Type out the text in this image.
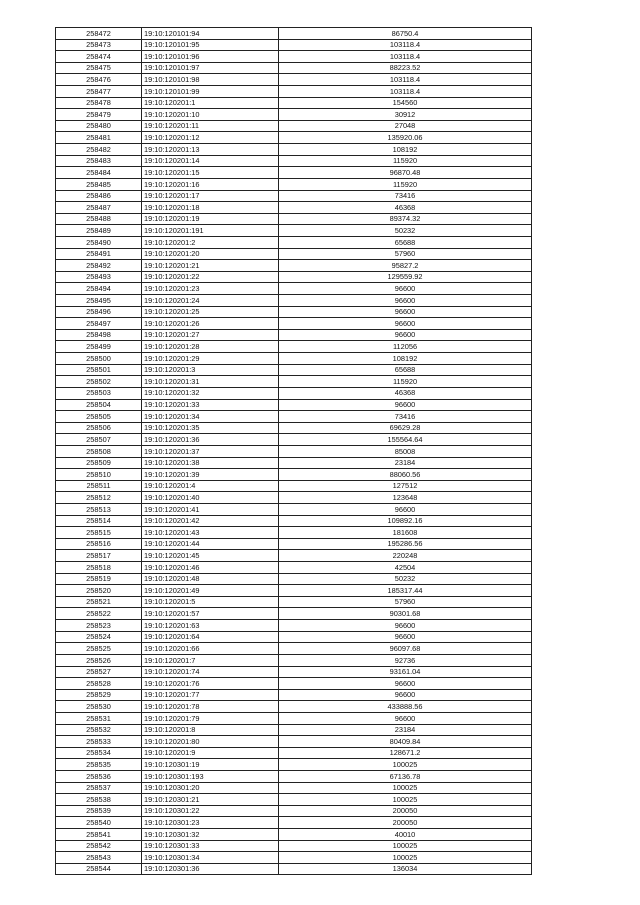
258472	19:10:120101:94	86750.4
258473	19:10:120101:95	103118.4
258474	19:10:120101:96	103118.4
258475	19:10:120101:97	88223.52
258476	19:10:120101:98	103118.4
258477	19:10:120101:99	103118.4
258478	19:10:120201:1	154560
258479	19:10:120201:10	30912
258480	19:10:120201:11	27048
258481	19:10:120201:12	135920.06
258482	19:10:120201:13	108192
258483	19:10:120201:14	115920
258484	19:10:120201:15	96870.48
258485	19:10:120201:16	115920
258486	19:10:120201:17	73416
258487	19:10:120201:18	46368
258488	19:10:120201:19	89374.32
258489	19:10:120201:191	50232
258490	19:10:120201:2	65688
258491	19:10:120201:20	57960
258492	19:10:120201:21	95827.2
258493	19:10:120201:22	129559.92
258494	19:10:120201:23	96600
258495	19:10:120201:24	96600
258496	19:10:120201:25	96600
258497	19:10:120201:26	96600
258498	19:10:120201:27	96600
258499	19:10:120201:28	112056
258500	19:10:120201:29	108192
258501	19:10:120201:3	65688
258502	19:10:120201:31	115920
258503	19:10:120201:32	46368
258504	19:10:120201:33	96600
258505	19:10:120201:34	73416
258506	19:10:120201:35	69629.28
258507	19:10:120201:36	155564.64
258508	19:10:120201:37	85008
258509	19:10:120201:38	23184
258510	19:10:120201:39	88060.56
258511	19:10:120201:4	127512
258512	19:10:120201:40	123648
258513	19:10:120201:41	96600
258514	19:10:120201:42	109892.16
258515	19:10:120201:43	181608
258516	19:10:120201:44	195286.56
258517	19:10:120201:45	220248
258518	19:10:120201:46	42504
258519	19:10:120201:48	50232
258520	19:10:120201:49	185317.44
258521	19:10:120201:5	57960
258522	19:10:120201:57	90301.68
258523	19:10:120201:63	96600
258524	19:10:120201:64	96600
258525	19:10:120201:66	96097.68
258526	19:10:120201:7	92736
258527	19:10:120201:74	93161.04
258528	19:10:120201:76	96600
258529	19:10:120201:77	96600
258530	19:10:120201:78	433888.56
258531	19:10:120201:79	96600
258532	19:10:120201:8	23184
258533	19:10:120201:80	80409.84
258534	19:10:120201:9	128671.2
258535	19:10:120301:19	100025
258536	19:10:120301:193	67136.78
258537	19:10:120301:20	100025
258538	19:10:120301:21	100025
258539	19:10:120301:22	200050
258540	19:10:120301:23	200050
258541	19:10:120301:32	40010
258542	19:10:120301:33	100025
258543	19:10:120301:34	100025
258544	19:10:120301:36	136034
